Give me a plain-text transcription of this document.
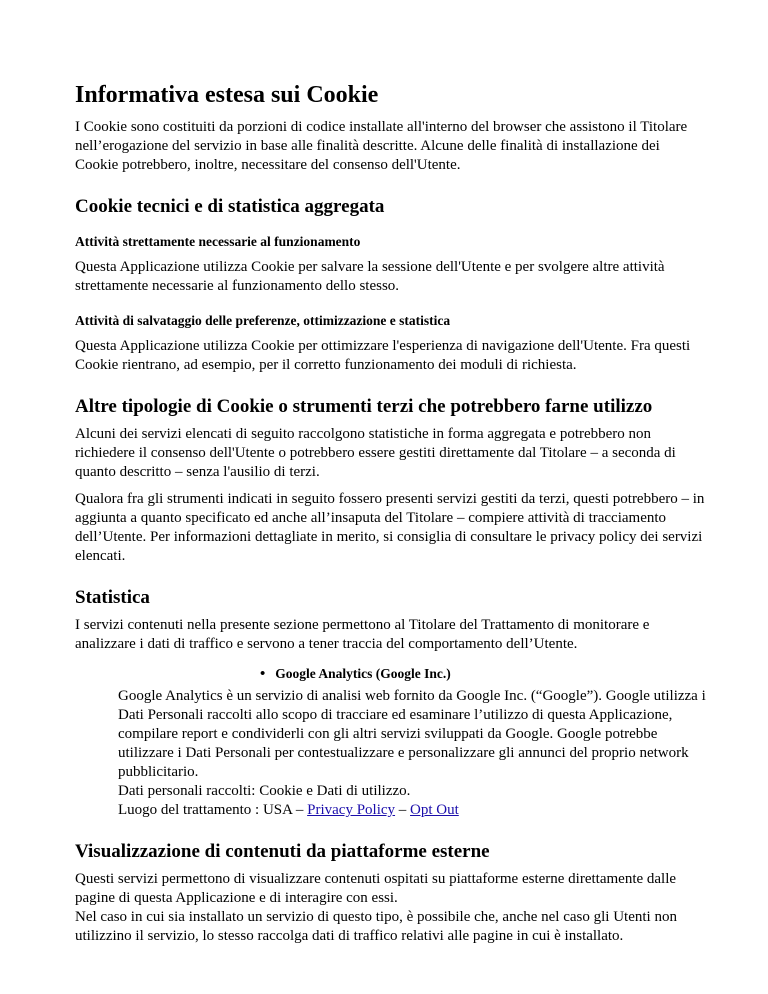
Informativa estesa sui Cookie

I Cookie sono costituiti da porzioni di codice installate all'interno del browser che assistono il Titolare nell’erogazione del servizio in base alle finalità descritte. Alcune delle finalità di installazione dei Cookie potrebbero, inoltre, necessitare del consenso dell'Utente.

Cookie tecnici e di statistica aggregata
Attività strettamente necessarie al funzionamento

Questa Applicazione utilizza Cookie per salvare la sessione dell'Utente e per svolgere altre attività strettamente necessarie al funzionamento dello stesso.

Attività di salvataggio delle preferenze, ottimizzazione e statistica

Questa Applicazione utilizza Cookie per ottimizzare l'esperienza di navigazione dell'Utente. Fra questi Cookie rientrano, ad esempio, per il corretto funzionamento dei moduli di richiesta.

Altre tipologie di Cookie o strumenti terzi che potrebbero farne utilizzo

Alcuni dei servizi elencati di seguito raccolgono statistiche in forma aggregata e potrebbero non richiedere il consenso dell'Utente o potrebbero essere gestiti direttamente dal Titolare – a seconda di quanto descritto – senza l'ausilio di terzi.

Qualora fra gli strumenti indicati in seguito fossero presenti servizi gestiti da terzi, questi potrebbero – in aggiunta a quanto specificato ed anche all’insaputa del Titolare – compiere attività di tracciamento dell’Utente. Per informazioni dettagliate in merito, si consiglia di consultare le privacy policy dei servizi elencati.

Statistica

I servizi contenuti nella presente sezione permettono al Titolare del Trattamento di monitorare e analizzare i dati di traffico e servono a tener traccia del comportamento dell’Utente.

• Google Analytics (Google Inc.)

Google Analytics è un servizio di analisi web fornito da Google Inc. (“Google”). Google utilizza i Dati Personali raccolti allo scopo di tracciare ed esaminare l’utilizzo di questa Applicazione, compilare report e condividerli con gli altri servizi sviluppati da Google. Google potrebbe utilizzare i Dati Personali per contestualizzare e personalizzare gli annunci del proprio network pubblicitario.

Dati personali raccolti: Cookie e Dati di utilizzo.

Luogo del trattamento : USA – Privacy Policy – Opt Out

Visualizzazione di contenuti da piattaforme esterne

Questi servizi permettono di visualizzare contenuti ospitati su piattaforme esterne direttamente dalle pagine di questa Applicazione e di interagire con essi.

Nel caso in cui sia installato un servizio di questo tipo, è possibile che, anche nel caso gli Utenti non utilizzino il servizio, lo stesso raccolga dati di traffico relativi alle pagine in cui è installato.
